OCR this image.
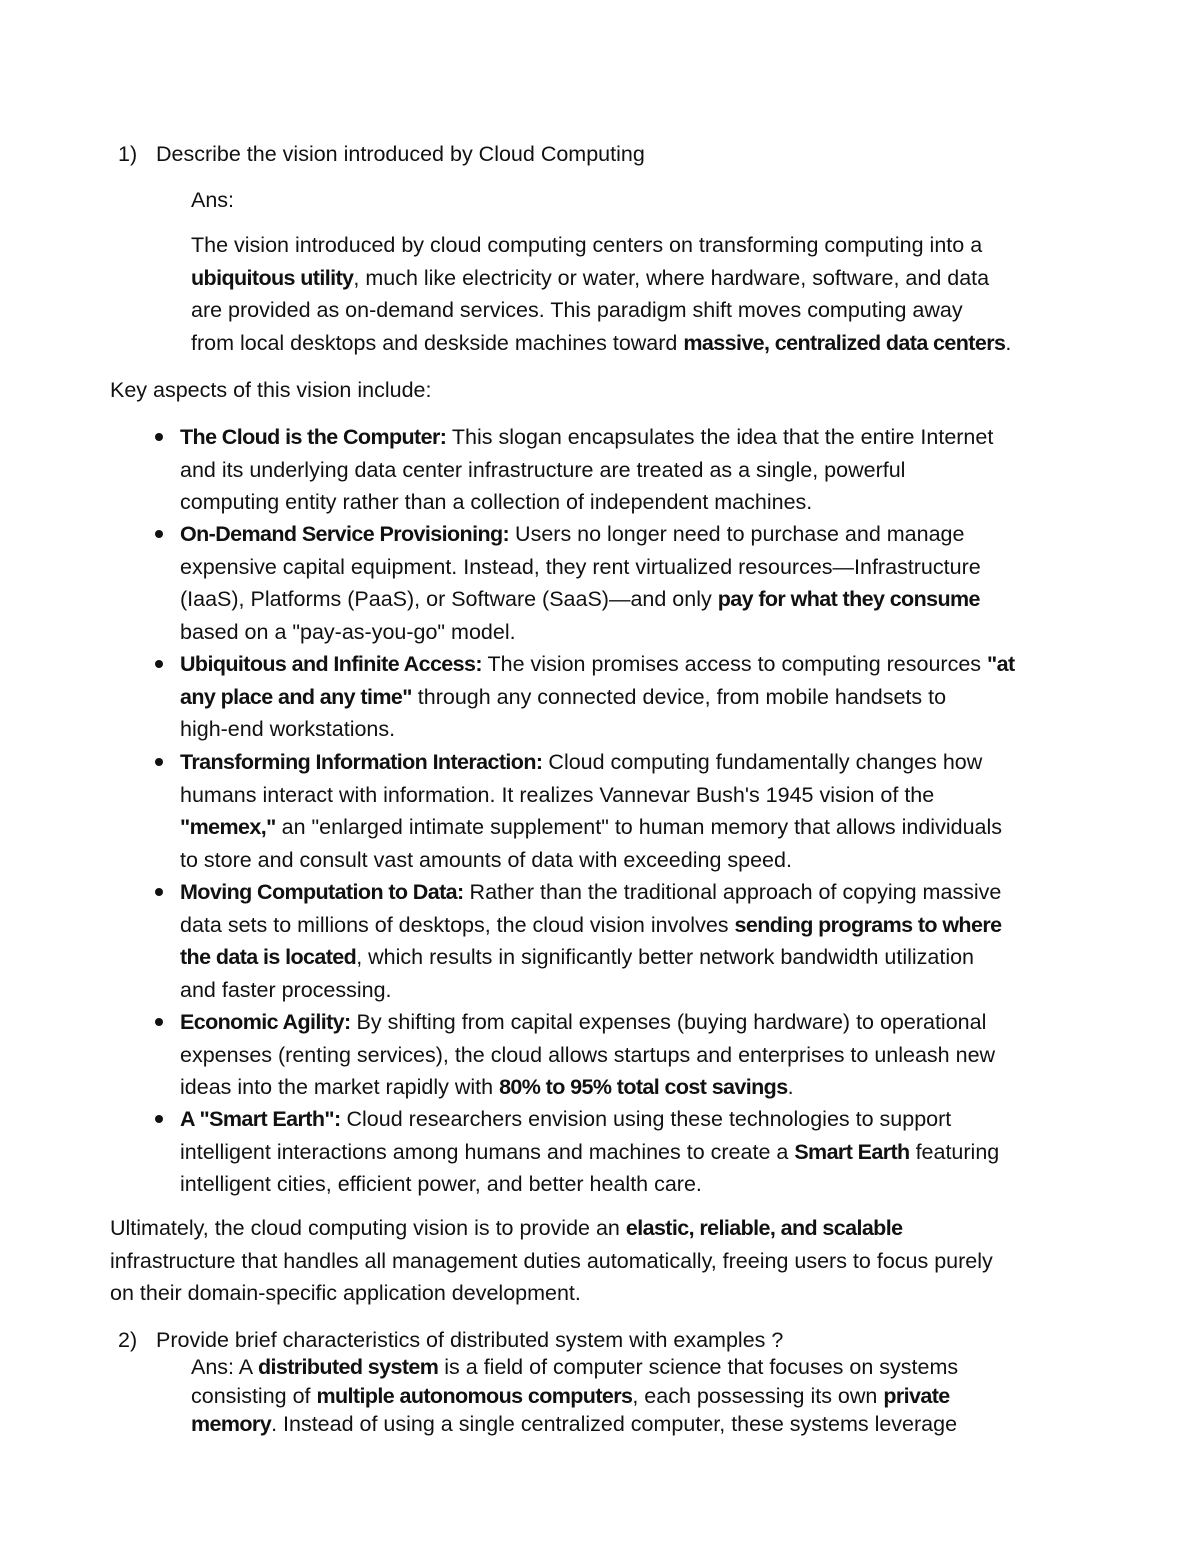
1) Describe the vision introduced by Cloud Computing
Ans:
The vision introduced by cloud computing centers on transforming computing into a
ubiquitous utility, much like electricity or water, where hardware, software, and data
are provided as on-demand services. This paradigm shift moves computing away
from local desktops and deskside machines toward massive, centralized data centers.
Key aspects of this vision include:
The Cloud is the Computer: This slogan encapsulates the idea that the entire Internet
and its underlying data center infrastructure are treated as a single, powerful
computing entity rather than a collection of independent machines.
On-Demand Service Provisioning: Users no longer need to purchase and manage
expensive capital equipment. Instead, they rent virtualized resources—Infrastructure
(IaaS), Platforms (PaaS), or Software (SaaS)—and only pay for what they consume
based on a "pay-as-you-go" model.
Ubiquitous and Infinite Access: The vision promises access to computing resources "at
any place and any time" through any connected device, from mobile handsets to
high-end workstations.
Transforming Information Interaction: Cloud computing fundamentally changes how
humans interact with information. It realizes Vannevar Bush's 1945 vision of the
"memex," an "enlarged intimate supplement" to human memory that allows individuals
to store and consult vast amounts of data with exceeding speed.
Moving Computation to Data: Rather than the traditional approach of copying massive
data sets to millions of desktops, the cloud vision involves sending programs to where
the data is located, which results in significantly better network bandwidth utilization
and faster processing.
Economic Agility: By shifting from capital expenses (buying hardware) to operational
expenses (renting services), the cloud allows startups and enterprises to unleash new
ideas into the market rapidly with 80% to 95% total cost savings.
A "Smart Earth": Cloud researchers envision using these technologies to support
intelligent interactions among humans and machines to create a Smart Earth featuring
intelligent cities, efficient power, and better health care.
Ultimately, the cloud computing vision is to provide an elastic, reliable, and scalable
infrastructure that handles all management duties automatically, freeing users to focus purely
on their domain-specific application development.
2) Provide brief characteristics of distributed system with examples ?
Ans: A distributed system is a field of computer science that focuses on systems
consisting of multiple autonomous computers, each possessing its own private
memory. Instead of using a single centralized computer, these systems leverage
